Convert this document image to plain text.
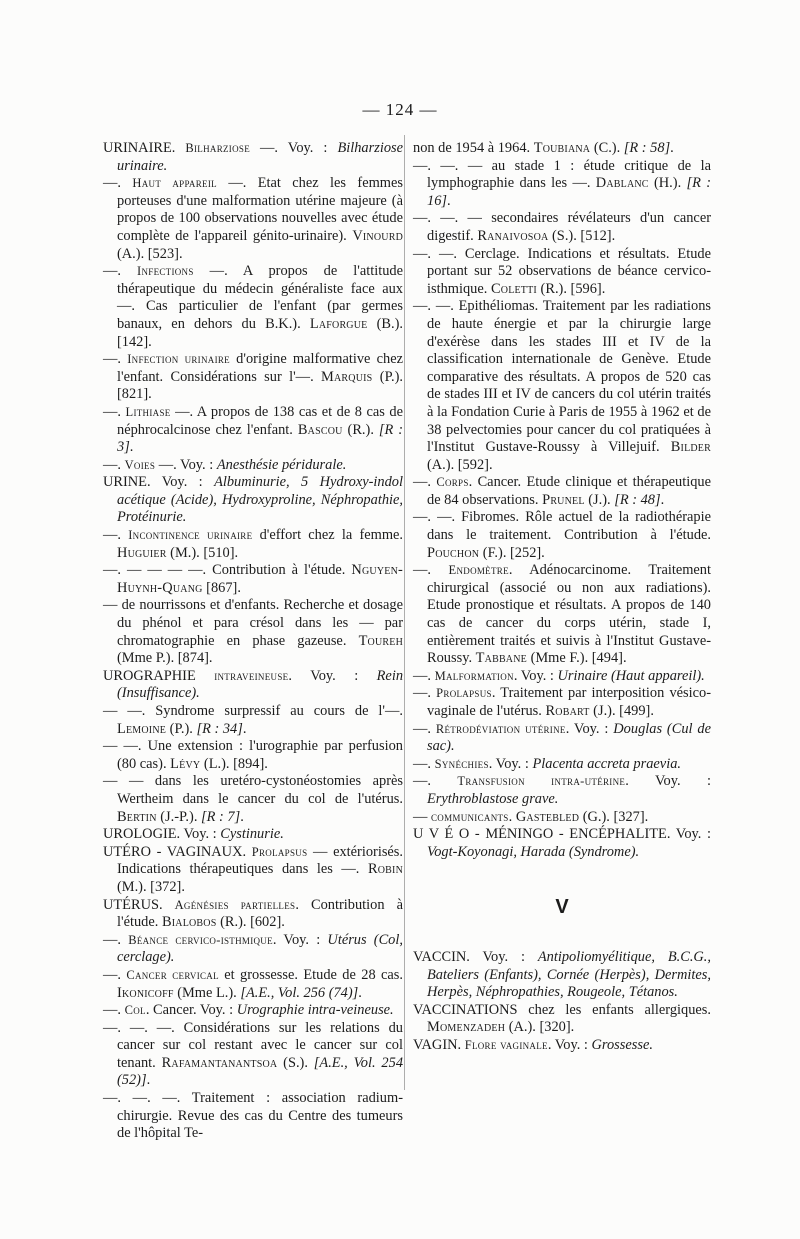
— 124 —

URINAIRE. Bilharziose —. Voy. : Bilharziose urinaire.

—. Haut appareil —. Etat chez les femmes porteuses d'une malformation utérine majeure (à propos de 100 observations nouvelles avec étude complète de l'appareil génito-urinaire). Vinourd (A.). [523].

—. Infections —. A propos de l'attitude thérapeutique du médecin généraliste face aux —. Cas particulier de l'enfant (par germes banaux, en dehors du B.K.). Laforgue (B.). [142].

—. Infection urinaire d'origine malformative chez l'enfant. Considérations sur l'—. Marquis (P.). [821].

—. Lithiase —. A propos de 138 cas et de 8 cas de néphrocalcinose chez l'enfant. Bascou (R.). [R : 3].

—. Voies —. Voy. : Anesthésie péridurale.

URINE. Voy. : Albuminurie, 5 Hydroxy-indol acétique (Acide), Hydroxyproline, Néphropathie, Protéinurie.

—. Incontinence urinaire d'effort chez la femme. Huguier (M.). [510].

—. — — — —. Contribution à l'étude. Nguyen-Huynh-Quang [867].

— de nourrissons et d'enfants. Recherche et dosage du phénol et para crésol dans les — par chromatographie en phase gazeuse. Toureh (Mme P.). [874].

UROGRAPHIE intraveineuse. Voy. : Rein (Insuffisance).

— —. Syndrome surpressif au cours de l'—. Lemoine (P.). [R : 34].

— —. Une extension : l'urographie par perfusion (80 cas). Lévy (L.). [894].

— — dans les uretéro-cystonéostomies après Wertheim dans le cancer du col de l'utérus. Bertin (J.-P.). [R : 7].

UROLOGIE. Voy. : Cystinurie.

UTÉRO - VAGINAUX. Prolapsus — extériorisés. Indications thérapeutiques dans les —. Robin (M.). [372].

UTÉRUS. Agénésies partielles. Contribution à l'étude. Bialobos (R.). [602].

—. Béance cervico-isthmique. Voy. : Utérus (Col, cerclage).

—. Cancer cervical et grossesse. Etude de 28 cas. Ikonicoff (Mme L.). [A.E., Vol. 256 (74)].

—. Col. Cancer. Voy. : Urographie intra-veineuse.

—. —. —. Considérations sur les relations du cancer sur col restant avec le cancer sur col tenant. Rafamantanantsoa (S.). [A.E., Vol. 254 (52)].

—. —. —. Traitement : association radium-chirurgie. Revue des cas du Centre des tumeurs de l'hôpital Te-

non de 1954 à 1964. Toubiana (C.). [R : 58].

—. —. — au stade 1 : étude critique de la lymphographie dans les —. Dablanc (H.). [R : 16].

—. —. — secondaires révélateurs d'un cancer digestif. Ranaivosoa (S.). [512].

—. —. Cerclage. Indications et résultats. Etude portant sur 52 observations de béance cervico-isthmique. Coletti (R.). [596].

—. —. Epithéliomas. Traitement par les radiations de haute énergie et par la chirurgie large d'exérèse dans les stades III et IV de la classification internationale de Genève. Etude comparative des résultats. A propos de 520 cas de stades III et IV de cancers du col utérin traités à la Fondation Curie à Paris de 1955 à 1962 et de 38 pelvectomies pour cancer du col pratiquées à l'Institut Gustave-Roussy à Villejuif. Bilder (A.). [592].

—. Corps. Cancer. Etude clinique et thérapeutique de 84 observations. Prunel (J.). [R : 48].

—. —. Fibromes. Rôle actuel de la radiothérapie dans le traitement. Contribution à l'étude. Pouchon (F.). [252].

—. Endomètre. Adénocarcinome. Traitement chirurgical (associé ou non aux radiations). Etude pronostique et résultats. A propos de 140 cas de cancer du corps utérin, stade I, entièrement traités et suivis à l'Institut Gustave-Roussy. Tabbane (Mme F.). [494].

—. Malformation. Voy. : Urinaire (Haut appareil).

—. Prolapsus. Traitement par interposition vésico-vaginale de l'utérus. Robart (J.). [499].

—. Rétrodéviation utérine. Voy. : Douglas (Cul de sac).

—. Synéchies. Voy. : Placenta accreta praevia.

—. Transfusion intra-utérine. Voy. : Erythroblastose grave.

— communicants. Gastebled (G.). [327].

U V É O - MÉNINGO - ENCÉPHALITE. Voy. : Vogt-Koyonagi, Harada (Syndrome).

V

VACCIN. Voy. : Antipoliomyélitique, B.C.G., Bateliers (Enfants), Cornée (Herpès), Dermites, Herpès, Néphropathies, Rougeole, Tétanos.

VACCINATIONS chez les enfants allergiques. Momenzadeh (A.). [320].

VAGIN. Flore vaginale. Voy. : Grossesse.
